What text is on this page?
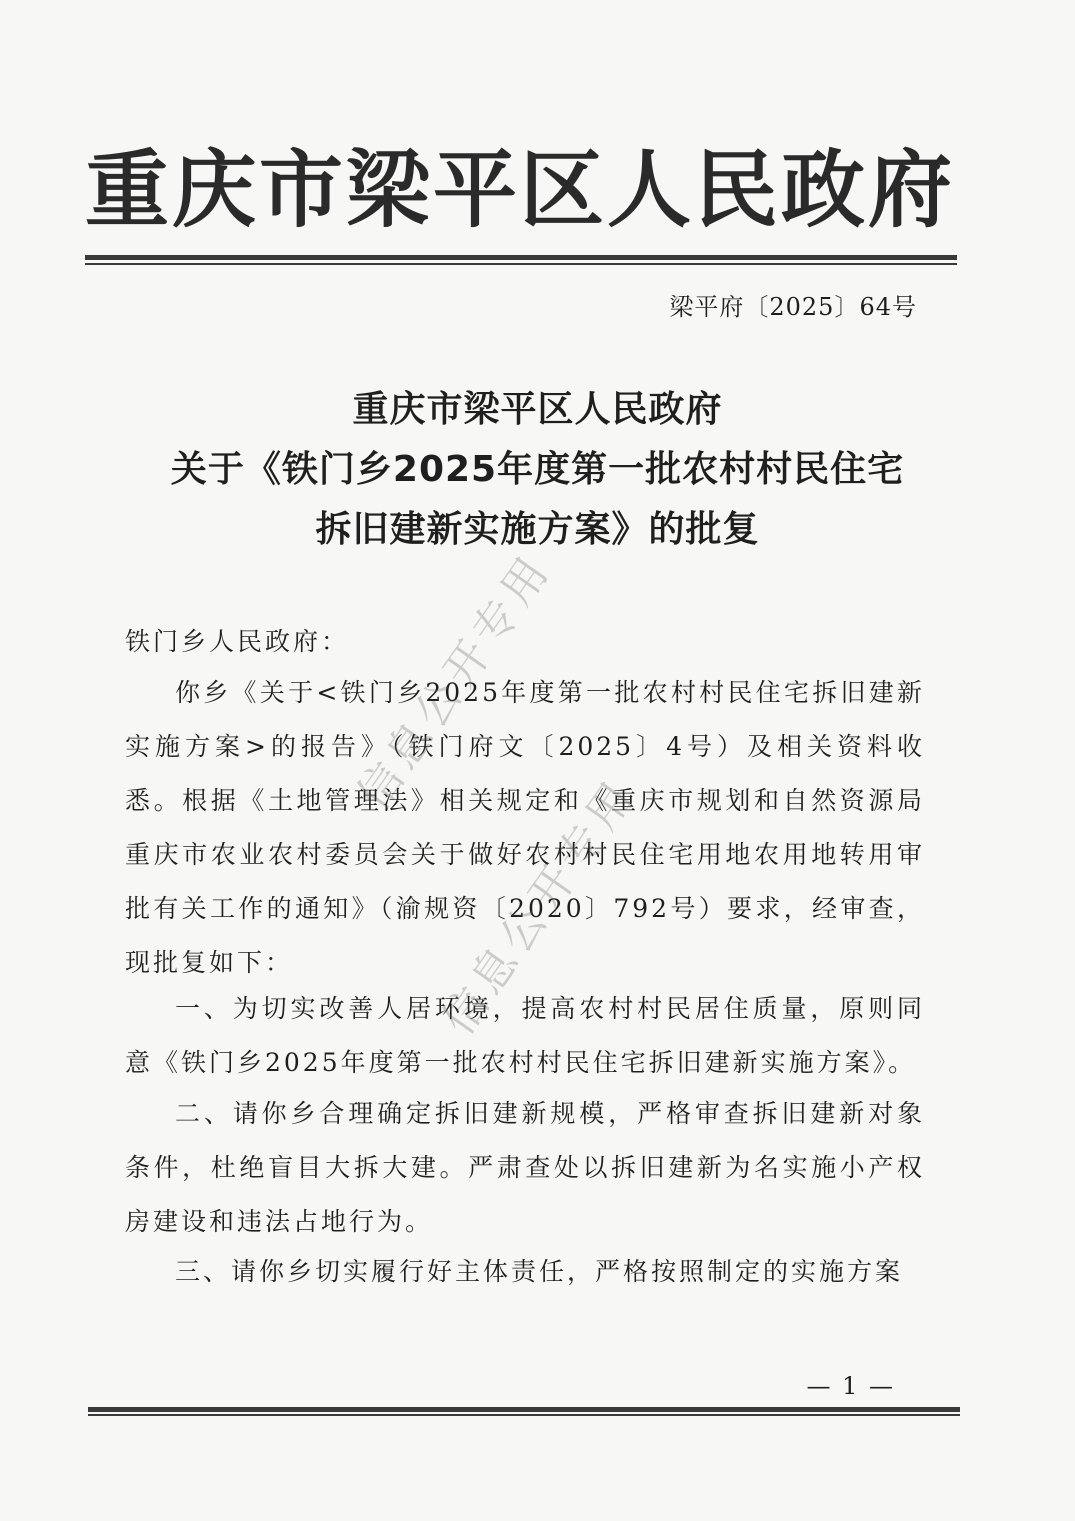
重庆市梁平区人民政府
梁平府〔2025〕64号
重庆市梁平区人民政府
关于《铁门乡2025年度第一批农村村民住宅
拆旧建新实施方案》的批复
铁门乡人民政府：

你乡《关于<铁门乡2025年度第一批农村村民住宅拆旧建新实施方案>的报告》（铁门府文〔2025〕4号）及相关资料收悉。根据《土地管理法》相关规定和《重庆市规划和自然资源局 重庆市农业农村委员会关于做好农村村民住宅用地农用地转用审批有关工作的通知》（渝规资〔2020〕792号）要求，经审查，现批复如下：

一、为切实改善人居环境，提高农村村民居住质量，原则同意《铁门乡2025年度第一批农村村民住宅拆旧建新实施方案》。

二、请你乡合理确定拆旧建新规模，严格审查拆旧建新对象条件，杜绝盲目大拆大建。严肃查处以拆旧建新为名实施小产权房建设和违法占地行为。

三、请你乡切实履行好主体责任，严格按照制定的实施方案

— 1 —
信息公开专用
信息公开专用
